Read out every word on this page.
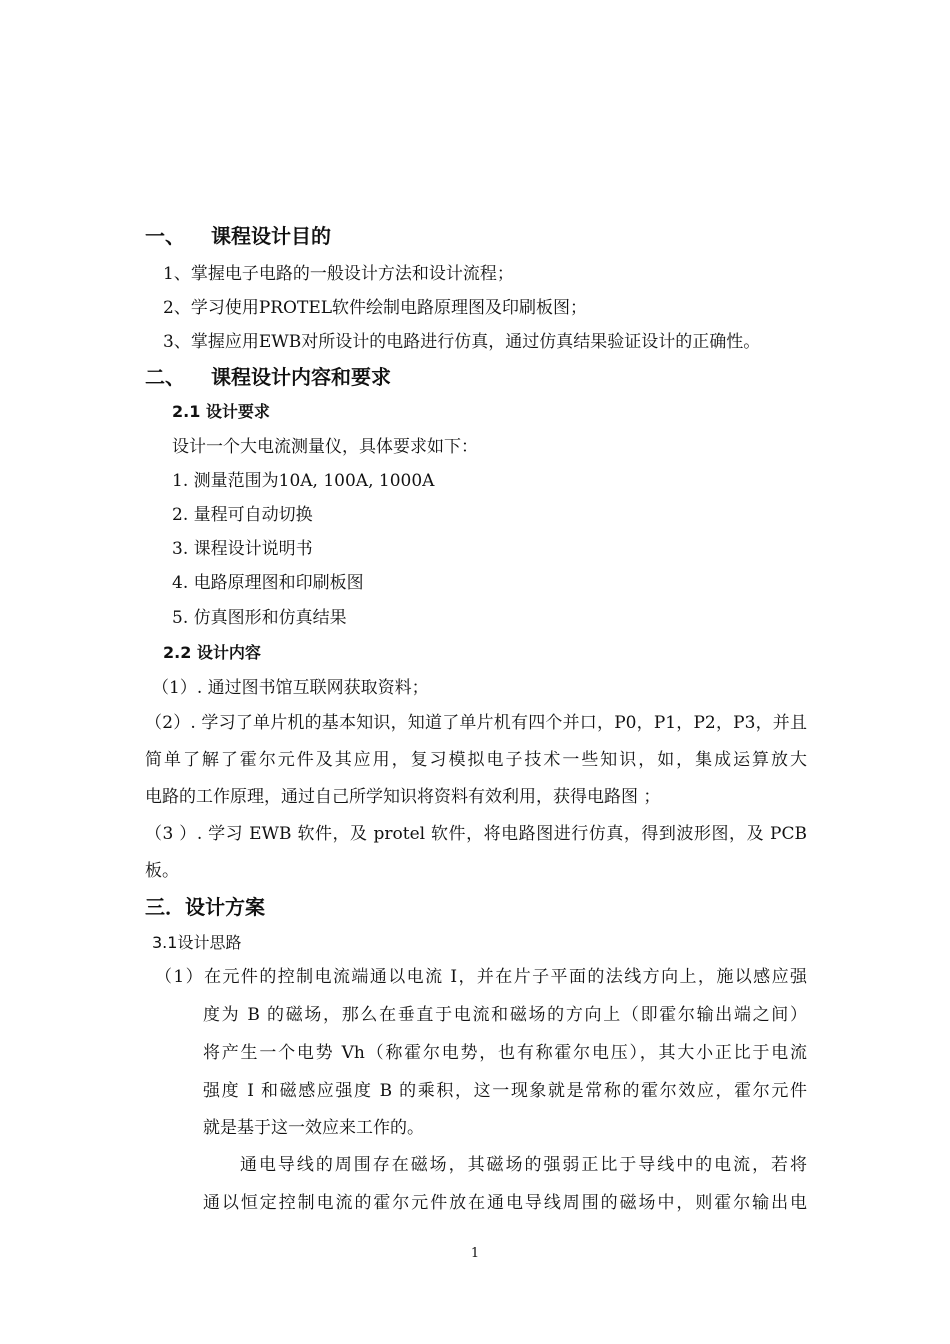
一、 课程设计目的
1、掌握电子电路的一般设计方法和设计流程；
2、学习使用PROTEL软件绘制电路原理图及印刷板图；
3、掌握应用EWB对所设计的电路进行仿真，通过仿真结果验证设计的正确性。
二、 课程设计内容和要求
2.1 设计要求
设计一个大电流测量仪，具体要求如下：
1. 测量范围为10A, 100A, 1000A
2. 量程可自动切换
3. 课程设计说明书
4. 电路原理图和印刷板图
5. 仿真图形和仿真结果
2.2 设计内容
（1）. 通过图书馆互联网获取资料；
（2）. 学习了单片机的基本知识，知道了单片机有四个并口，P0，P1，P2，P3，并且
简单了解了霍尔元件及其应用，复习模拟电子技术一些知识，如，集成运算放大
电路的工作原理，通过自己所学知识将资料有效利用，获得电路图 ；
（3 ）. 学习 EWB 软件，及 protel 软件，将电路图进行仿真，得到波形图，及 PCB
板。
三．设计方案
3.1设计思路
（1）在元件的控制电流端通以电流 I，并在片子平面的法线方向上，施以感应强
度为 B 的磁场，那么在垂直于电流和磁场的方向上（即霍尔输出端之间）
将产生一个电势 Vh（称霍尔电势，也有称霍尔电压），其大小正比于电流
强度 I 和磁感应强度 B 的乘积，这一现象就是常称的霍尔效应，霍尔元件
就是基于这一效应来工作的。
通电导线的周围存在磁场，其磁场的强弱正比于导线中的电流，若将
通以恒定控制电流的霍尔元件放在通电导线周围的磁场中，则霍尔输出电
1
